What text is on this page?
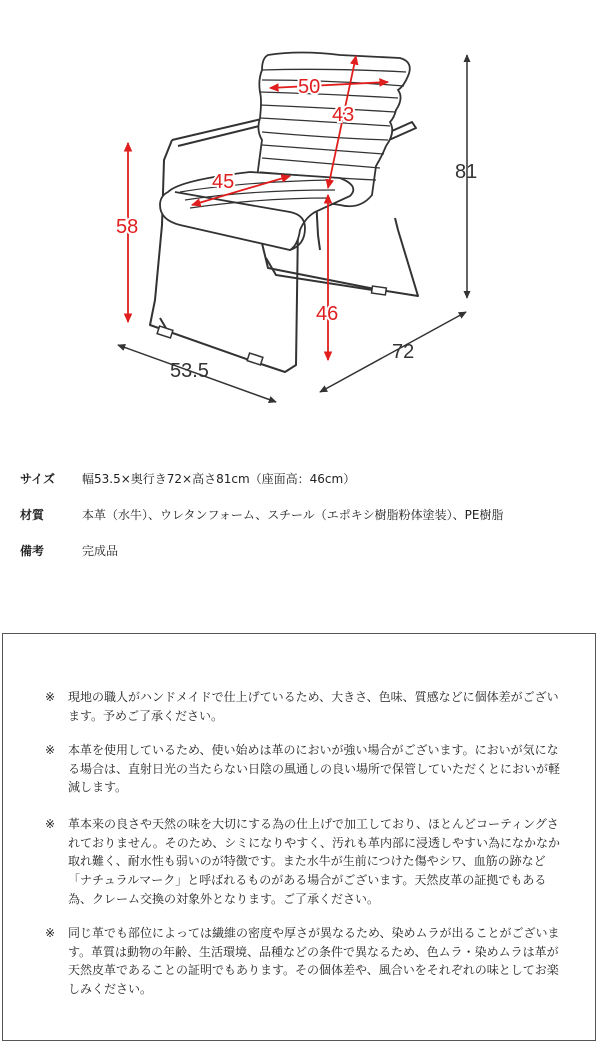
50
43
45
46
58
81
53.5
72
サイズ	幅53.5×奥行き72×高さ81cm（座面高：46cm）
材質	本革（水牛）、ウレタンフォーム、スチール（エポキシ樹脂粉体塗装）、PE樹脂
備考	完成品
※	現地の職人がハンドメイドで仕上げているため、大きさ、色味、質感などに個体差がございます。予めご了承ください。
※	本革を使用しているため、使い始めは革のにおいが強い場合がございます。においが気になる場合は、直射日光の当たらない日陰の風通しの良い場所で保管していただくとにおいが軽減します。
※	革本来の良さや天然の味を大切にする為の仕上げで加工しており、ほとんどコーティングされておりません。そのため、シミになりやすく、汚れも革内部に浸透しやすい為になかなか取れ難く、耐水性も弱いのが特徴です。また水牛が生前につけた傷やシワ、血筋の跡など「ナチュラルマーク」と呼ばれるものがある場合がございます。天然皮革の証拠でもある為、クレーム交換の対象外となります。ご了承ください。
※	同じ革でも部位によっては繊維の密度や厚さが異なるため、染めムラが出ることがございます。革質は動物の年齢、生活環境、品種などの条件で異なるため、色ムラ・染めムラは革が天然皮革であることの証明でもあります。その個体差や、風合いをそれぞれの味としてお楽しみください。
